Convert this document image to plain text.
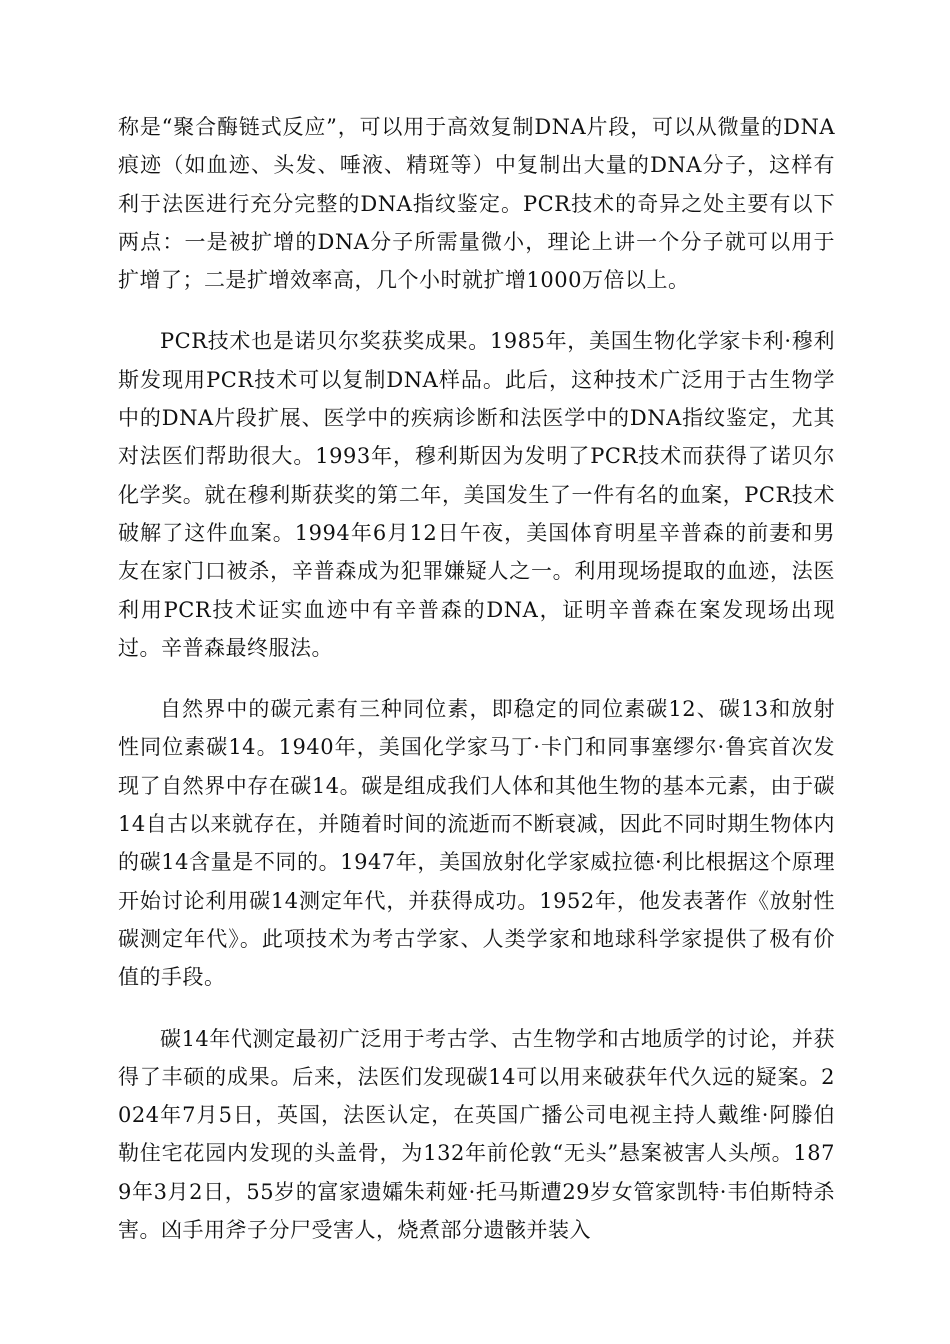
称是“聚合酶链式反应”，可以用于高效复制DNA片段，可以从微量的DNA痕迹（如血迹、头发、唾液、精斑等）中复制出大量的DNA分子，这样有利于法医进行充分完整的DNA指纹鉴定。PCR技术的奇异之处主要有以下两点：一是被扩增的DNA分子所需量微小，理论上讲一个分子就可以用于扩增了；二是扩增效率高，几个小时就扩增1000万倍以上。

PCR技术也是诺贝尔奖获奖成果。1985年，美国生物化学家卡利·穆利斯发现用PCR技术可以复制DNA样品。此后，这种技术广泛用于古生物学中的DNA片段扩展、医学中的疾病诊断和法医学中的DNA指纹鉴定，尤其对法医们帮助很大。1993年，穆利斯因为发明了PCR技术而获得了诺贝尔化学奖。就在穆利斯获奖的第二年，美国发生了一件有名的血案，PCR技术破解了这件血案。1994年6月12日午夜，美国体育明星辛普森的前妻和男友在家门口被杀，辛普森成为犯罪嫌疑人之一。利用现场提取的血迹，法医利用PCR技术证实血迹中有辛普森的DNA，证明辛普森在案发现场出现过。辛普森最终服法。

自然界中的碳元素有三种同位素，即稳定的同位素碳12、碳13和放射性同位素碳14。1940年，美国化学家马丁·卡门和同事塞缪尔·鲁宾首次发现了自然界中存在碳14。碳是组成我们人体和其他生物的基本元素，由于碳14自古以来就存在，并随着时间的流逝而不断衰减，因此不同时期生物体内的碳14含量是不同的。1947年，美国放射化学家威拉德·利比根据这个原理开始讨论利用碳14测定年代，并获得成功。1952年，他发表著作《放射性碳测定年代》。此项技术为考古学家、人类学家和地球科学家提供了极有价值的手段。

碳14年代测定最初广泛用于考古学、古生物学和古地质学的讨论，并获得了丰硕的成果。后来，法医们发现碳14可以用来破获年代久远的疑案。2024年7月5日，英国，法医认定，在英国广播公司电视主持人戴维·阿滕伯勒住宅花园内发现的头盖骨，为132年前伦敦“无头”悬案被害人头颅。1879年3月2日，55岁的富家遗孀朱莉娅·托马斯遭29岁女管家凯特·韦伯斯特杀害。凶手用斧子分尸受害人，烧煮部分遗骸并装入
